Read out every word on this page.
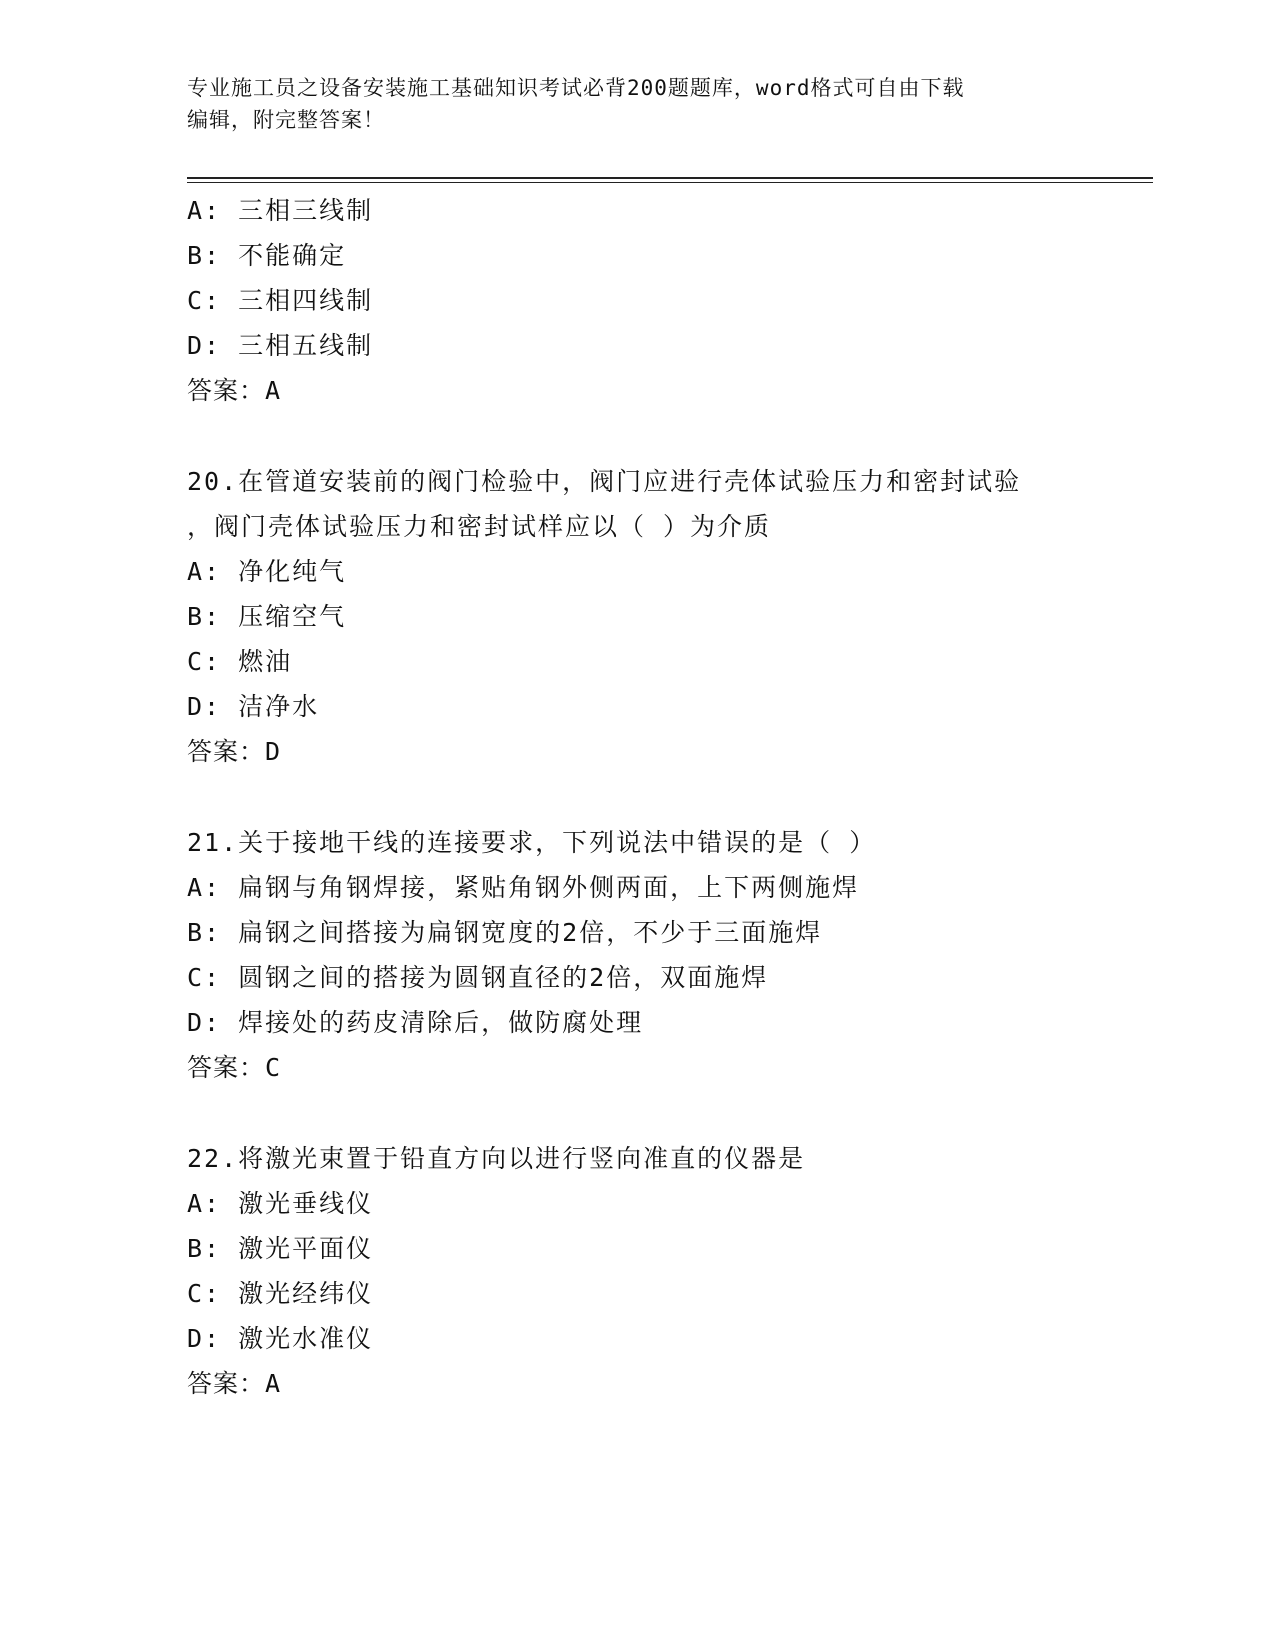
专业施工员之设备安装施工基础知识考试必背200题题库，word格式可自由下载
编辑，附完整答案！
A: 三相三线制
B: 不能确定
C: 三相四线制
D: 三相五线制
答案：A
20.在管道安装前的阀门检验中，阀门应进行壳体试验压力和密封试验
，阀门壳体试验压力和密封试样应以（ ）为介质
A: 净化纯气
B: 压缩空气
C: 燃油
D: 洁净水
答案：D
21.关于接地干线的连接要求，下列说法中错误的是（ ）
A: 扁钢与角钢焊接，紧贴角钢外侧两面，上下两侧施焊
B: 扁钢之间搭接为扁钢宽度的2倍，不少于三面施焊
C: 圆钢之间的搭接为圆钢直径的2倍，双面施焊
D: 焊接处的药皮清除后，做防腐处理
答案：C
22.将激光束置于铅直方向以进行竖向准直的仪器是
A: 激光垂线仪
B: 激光平面仪
C: 激光经纬仪
D: 激光水准仪
答案：A
